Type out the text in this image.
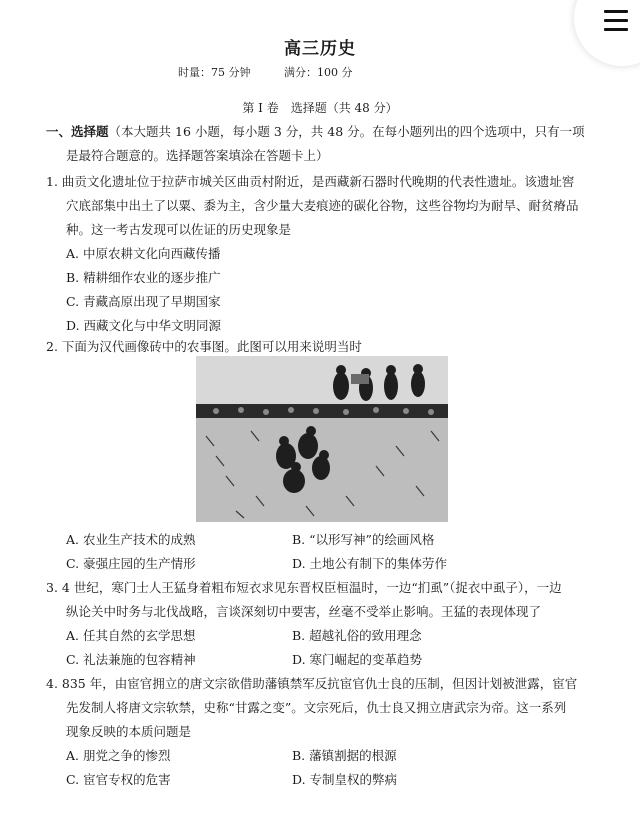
高三历史
时量：75 分钟	满分：100 分
第 I 卷　选择题（共 48 分）
一、选择题（本大题共 16 小题，每小题 3 分，共 48 分。在每小题列出的四个选项中，只有一项
是最符合题意的。选择题答案填涂在答题卡上）
1. 曲贡文化遗址位于拉萨市城关区曲贡村附近，是西藏新石器时代晚期的代表性遗址。该遗址窖
穴底部集中出土了以粟、黍为主，含少量大麦痕迹的碳化谷物，这些谷物均为耐旱、耐贫瘠品
种。这一考古发现可以佐证的历史现象是
A. 中原农耕文化向西藏传播
B. 精耕细作农业的逐步推广
C. 青藏高原出现了早期国家
D. 西藏文化与中华文明同源
2. 下面为汉代画像砖中的农事图。此图可以用来说明当时
A. 农业生产技术的成熟	B. “以形写神”的绘画风格
C. 豪强庄园的生产情形	D. 土地公有制下的集体劳作
3. 4 世纪，寒门士人王猛身着粗布短衣求见东晋权臣桓温时，一边“扪虱”（捉衣中虱子），一边
纵论关中时务与北伐战略，言谈深刻切中要害，丝毫不受举止影响。王猛的表现体现了
A. 任其自然的玄学思想	B. 超越礼俗的致用理念
C. 礼法兼施的包容精神	D. 寒门崛起的变革趋势
4. 835 年，由宦官拥立的唐文宗欲借助藩镇禁军反抗宦官仇士良的压制，但因计划被泄露，宦官
先发制人将唐文宗软禁，史称“甘露之变”。文宗死后，仇士良又拥立唐武宗为帝。这一系列
现象反映的本质问题是
A. 朋党之争的惨烈	B. 藩镇割据的根源
C. 宦官专权的危害	D. 专制皇权的弊病
